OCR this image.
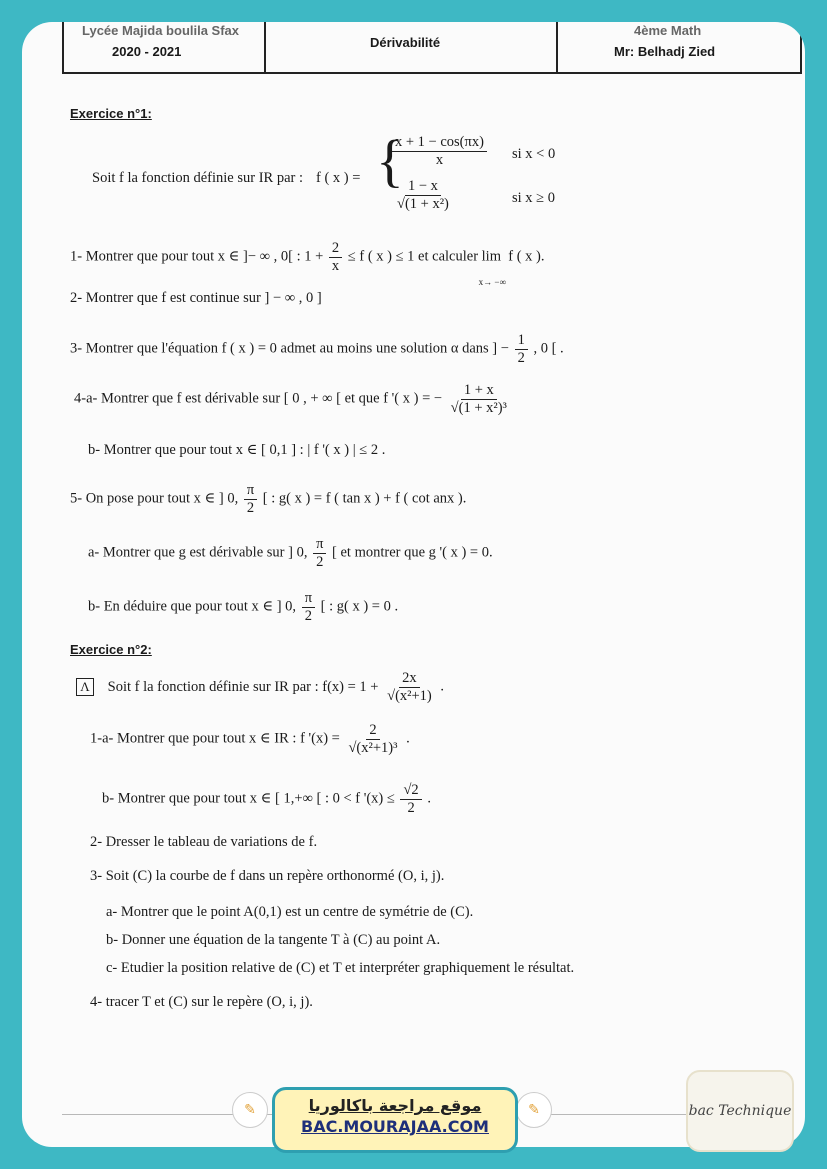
Lycée Majida boulila Sfax
2020 - 2021
Dérivabilité
4ème Math
Mr: Belhadj Zied
Exercice n°1:
Soit f la fonction définie sur IR par : f ( x ) = {
$\frac{x + 1 - \cos(\pi x)}{x}$ si x < 0
$\frac{1 - x}{\text{√(1 + x²)}}$	si x ≥ 0
1- Montrer que pour tout x ∈ ]− ∞ , 0[ : $1 + \frac{2}{x} \le f$ ( x ) ≤ 1 et calculer lim
x→ −∞
f ( x ).
2- Montrer que f est continue sur ] − ∞ , 0 ]
3- Montrer que l'équation f ( x ) = 0 admet au moins une solution α dans ] − $\frac{1}{2}$ , 0 [ .
4-a- Montrer que f est dérivable sur [ 0 , + ∞ [ et que f '( x ) = − $\frac{1 + x}{\text{√(1 + x²)³}}$
b- Montrer que pour tout x ∈ [ 0,1 ] : | f '( x ) | ≤ 2 .
5- On pose pour tout x ∈ ] 0, $\frac{\pi}{2}$ [ : g( x ) = f ( tan x ) + f ( cot anx ).
a- Montrer que g est dérivable sur ] 0, $\frac{\pi}{2}$ [ et montrer que g '( x ) = 0.
b- En déduire que pour tout x ∈ ] 0, $\frac{\pi}{2}$ [ : g( x ) = 0 .
Exercice n°2:
Λ Soit f la fonction définie sur IR par : $f(x) = 1 + \frac{2x}{\text{√(x²+1)}}$ .
1-a- Montrer que pour tout x ∈ IR : f '$(x) = \frac{2}{\text{√(x²+1)³}}$ .
b- Montrer que pour tout x ∈ [ 1,+∞ [ : 0 < f '$(x) \le \frac{√2}{2}$ .
2- Dresser le tableau de variations de f.
3- Soit (C) la courbe de f dans un repère orthonormé (O, i, j).
a- Montrer que le point A(0,1) est un centre de symétrie de (C).
b- Donner une équation de la tangente T à (C) au point A.
c- Etudier la position relative de (C) et T et interpréter graphiquement le résultat.
4- tracer T et (C) sur le repère (O, i, j).
✎	✎
موقع مراجعة باكالوريا
BAC.MOURAJAA.COM
bac Technique
